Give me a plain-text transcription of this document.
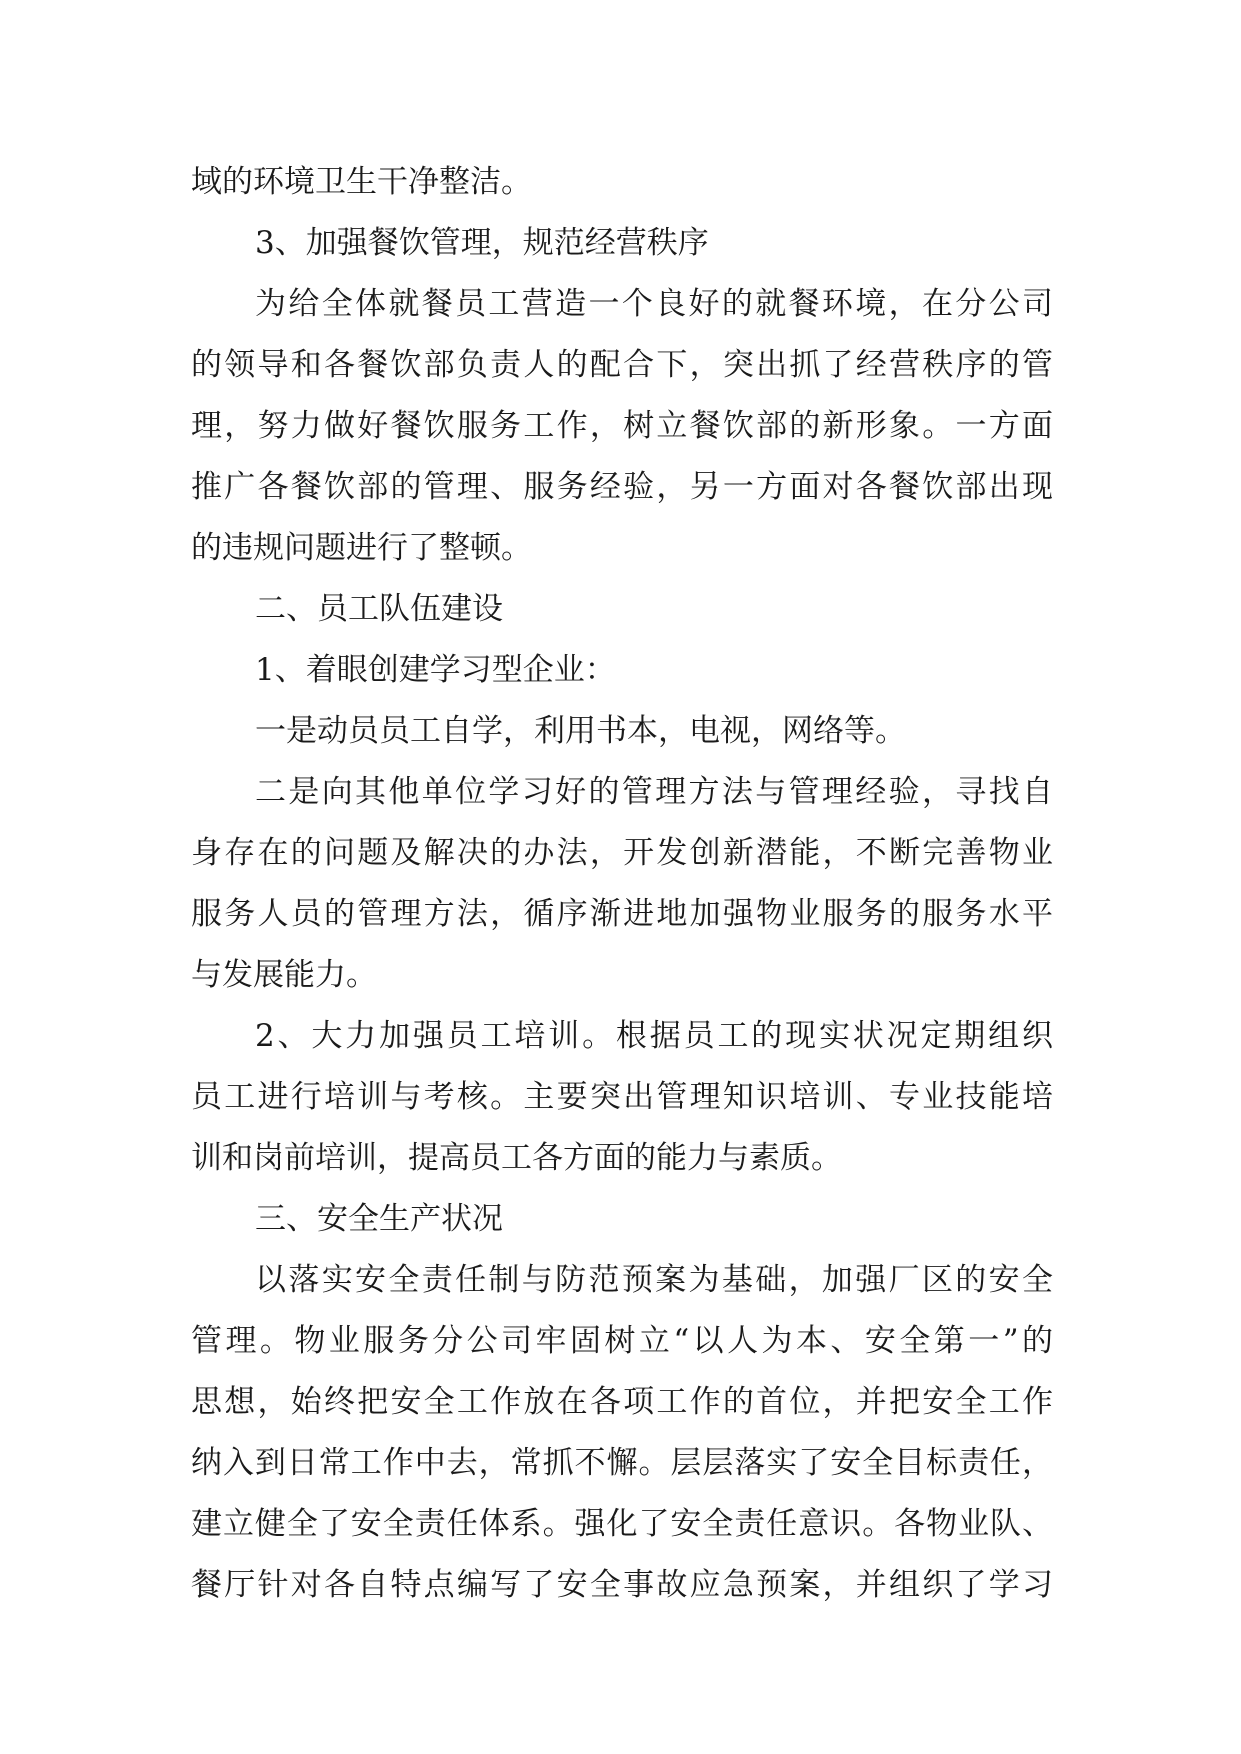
域的环境卫生干净整洁。
3、加强餐饮管理，规范经营秩序
为给全体就餐员工营造一个良好的就餐环境，在分公司
的领导和各餐饮部负责人的配合下，突出抓了经营秩序的管
理，努力做好餐饮服务工作，树立餐饮部的新形象。一方面
推广各餐饮部的管理、服务经验，另一方面对各餐饮部出现
的违规问题进行了整顿。
二、员工队伍建设
1、着眼创建学习型企业：
一是动员员工自学，利用书本，电视，网络等。
二是向其他单位学习好的管理方法与管理经验，寻找自
身存在的问题及解决的办法，开发创新潜能，不断完善物业
服务人员的管理方法，循序渐进地加强物业服务的服务水平
与发展能力。
2、大力加强员工培训。根据员工的现实状况定期组织
员工进行培训与考核。主要突出管理知识培训、专业技能培
训和岗前培训，提高员工各方面的能力与素质。
三、安全生产状况
以落实安全责任制与防范预案为基础，加强厂区的安全
管理。物业服务分公司牢固树立“以人为本、安全第一”的
思想，始终把安全工作放在各项工作的首位，并把安全工作
纳入到日常工作中去，常抓不懈。层层落实了安全目标责任，
建立健全了安全责任体系。强化了安全责任意识。各物业队、
餐厅针对各自特点编写了安全事故应急预案，并组织了学习
